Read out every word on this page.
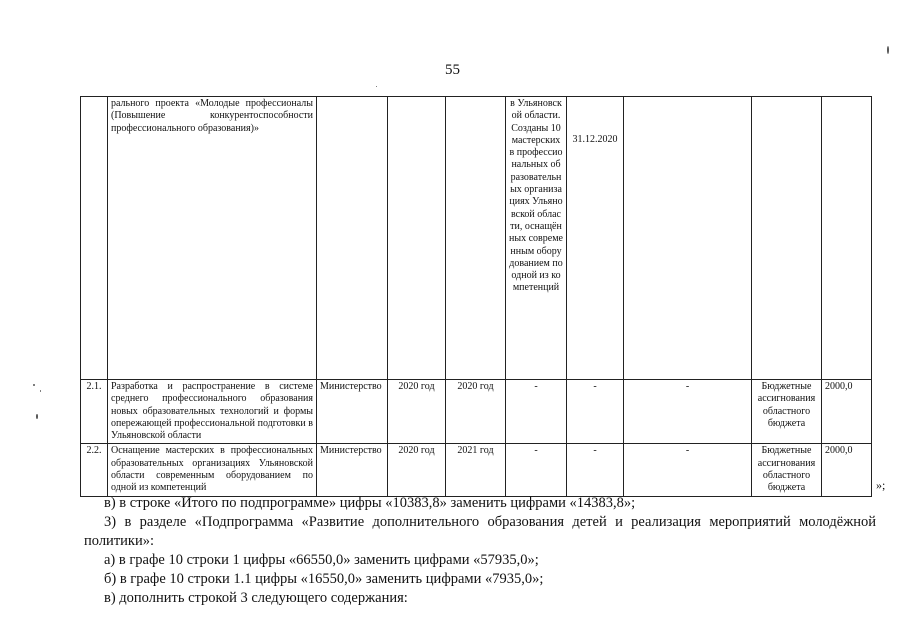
55
	рального проекта «Молодые профессионалы (Повышение конкурентоспособности профессионального образования)»				в Ульяновской области. Созданы 10 мастерских в профессиональных образовательных организациях Ульяновской области, оснащённых современным оборудованием по одной из компетенций	31.12.2020			
2.1.	Разработка и распространение в системе среднего профессионального образования новых образовательных технологий и формы опережающей профессиональной подготовки в Ульяновской области	Министерство	2020 год	2020 год	-	-	-	Бюджетные ассигнования областного бюджета	2000,0
2.2.	Оснащение мастерских в профессиональных образовательных организациях Ульяновской области современным оборудованием по одной из компетенций	Министерство	2020 год	2021 год	-	-	-	Бюджетные ассигнования областного бюджета	2000,0
»;
в) в строке «Итого по подпрограмме» цифры «10383,8» заменить цифрами «14383,8»;
3) в разделе «Подпрограмма «Развитие дополнительного образования детей и реализация мероприятий молодёжной политики»:
а) в графе 10 строки 1 цифры «66550,0» заменить цифрами «57935,0»;
б) в графе 10 строки 1.1 цифры «16550,0» заменить цифрами «7935,0»;
в) дополнить строкой 3 следующего содержания:
